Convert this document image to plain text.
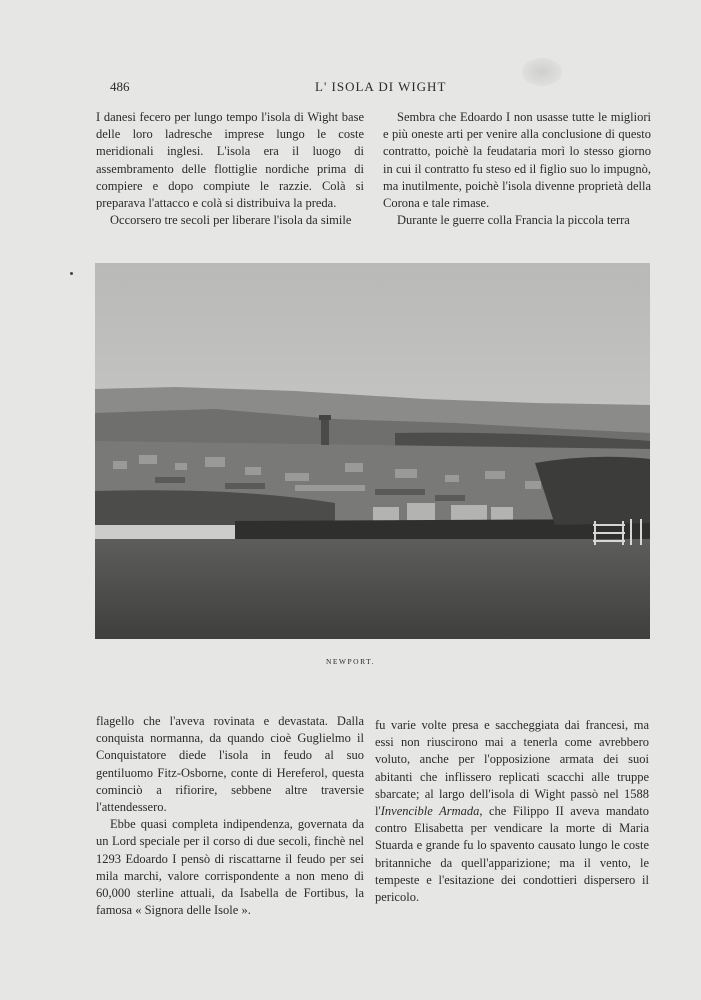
486	L' ISOLA DI WIGHT

I danesi fecero per lungo tempo l'isola di Wight base delle loro ladresche imprese lungo le coste meridionali inglesi. L'isola era il luogo di assembramento delle flottiglie nordiche prima di compiere e dopo compiute le razzie. Colà si preparava l'attacco e colà si distribuiva la preda.

Occorsero tre secoli per liberare l'isola da simile

Sembra che Edoardo I non usasse tutte le migliori e più oneste arti per venire alla conclusione di questo contratto, poichè la feudataria morì lo stesso giorno in cui il contratto fu steso ed il figlio suo lo impugnò, ma inutilmente, poichè l'isola divenne proprietà della Corona e tale rimase.

Durante le guerre colla Francia la piccola terra

NEWPORT.

flagello che l'aveva rovinata e devastata. Dalla conquista normanna, da quando cioè Guglielmo il Conquistatore diede l'isola in feudo al suo gentiluomo Fitz-Osborne, conte di Hereferol, questa cominciò a rifiorire, sebbene altre traversie l'attendessero.

Ebbe quasi completa indipendenza, governata da un Lord speciale per il corso di due secoli, finchè nel 1293 Edoardo I pensò di riscattarne il feudo per sei mila marchi, valore corrispondente a non meno di 60,000 sterline attuali, da Isabella de Fortibus, la famosa « Signora delle Isole ».

fu varie volte presa e saccheggiata dai francesi, ma essi non riuscirono mai a tenerla come avrebbero voluto, anche per l'opposizione armata dei suoi abitanti che inflissero replicati scacchi alle truppe sbarcate; al largo dell'isola di Wight passò nel 1588 l'Invencible Armada, che Filippo II aveva mandato contro Elisabetta per vendicare la morte di Maria Stuarda e grande fu lo spavento causato lungo le coste britanniche da quell'apparizione; ma il vento, le tempeste e l'esitazione dei condottieri dispersero il pericolo.
